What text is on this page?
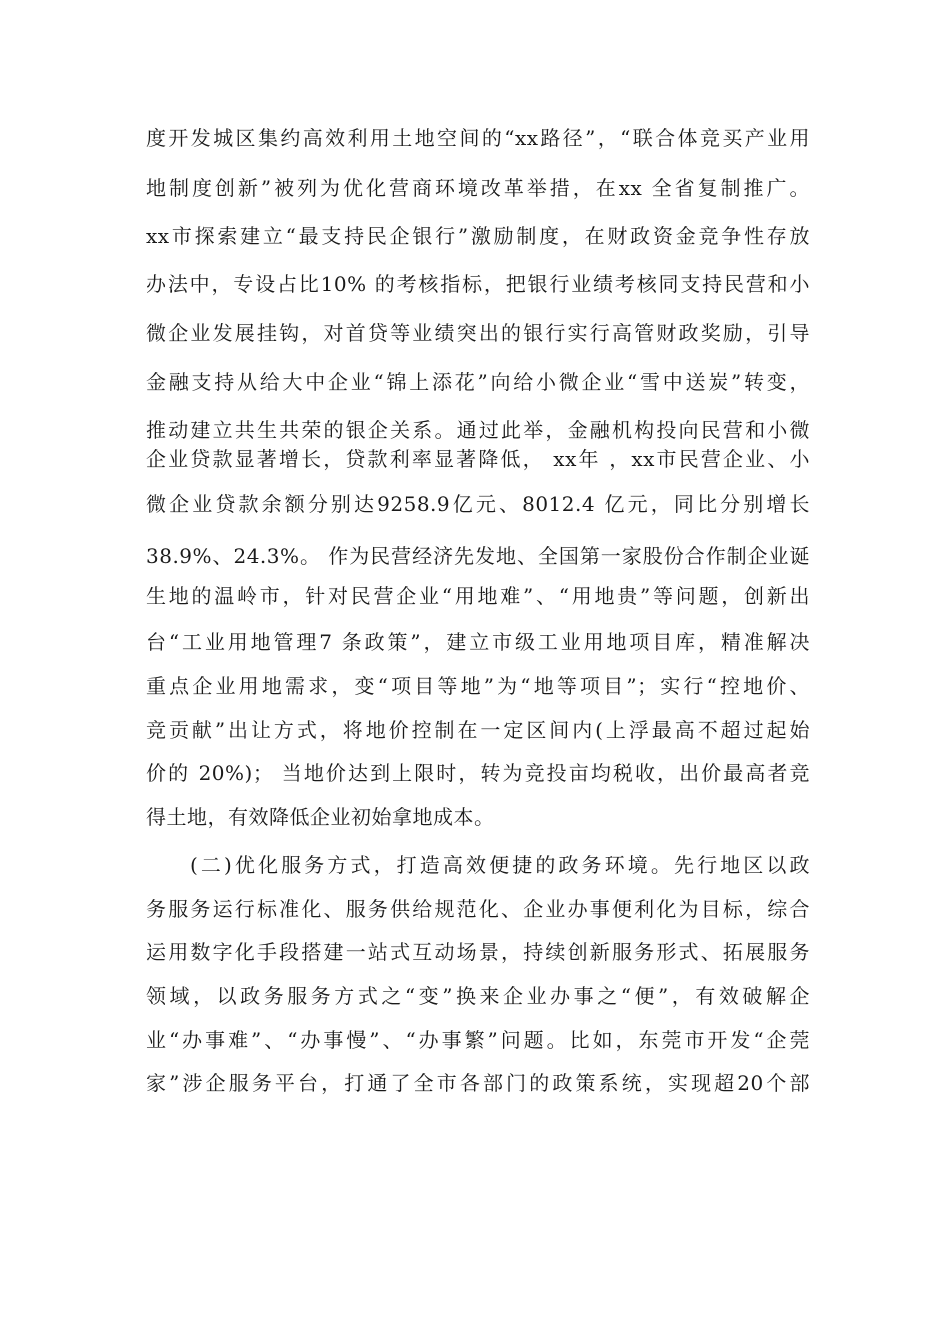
度开发城区集约高效利用土地空间的“xx路径”，“联合体竞买产业用
地制度创新”被列为优化营商环境改革举措，在xx 全省复制推广。
xx市探索建立“最支持民企银行”激励制度，在财政资金竞争性存放
办法中，专设占比10% 的考核指标，把银行业绩考核同支持民营和小
微企业发展挂钩，对首贷等业绩突出的银行实行高管财政奖励，引导
金融支持从给大中企业“锦上添花”向给小微企业“雪中送炭”转变，
推动建立共生共荣的银企关系。通过此举，金融机构投向民营和小微
企业贷款显著增长，贷款利率显著降低， xx年 ，xx市民营企业、小
微企业贷款余额分别达9258.9亿元、8012.4 亿元，同比分别增长
38.9%、24.3%。 作为民营经济先发地、全国第一家股份合作制企业诞
生地的温岭市，针对民营企业“用地难”、“用地贵”等问题，创新出
台“工业用地管理7 条政策”，建立市级工业用地项目库，精准解决
重点企业用地需求，变“项目等地”为“地等项目”；实行“控地价、
竞贡献”出让方式，将地价控制在一定区间内(上浮最高不超过起始
价的 20%)； 当地价达到上限时，转为竞投亩均税收，出价最高者竞
得土地，有效降低企业初始拿地成本。
(二)优化服务方式，打造高效便捷的政务环境。先行地区以政
务服务运行标准化、服务供给规范化、企业办事便利化为目标，综合
运用数字化手段搭建一站式互动场景，持续创新服务形式、拓展服务
领域，以政务服务方式之“变”换来企业办事之“便”，有效破解企
业“办事难”、“办事慢”、“办事繁”问题。比如，东莞市开发“企莞
家”涉企服务平台，打通了全市各部门的政策系统，实现超20个部
